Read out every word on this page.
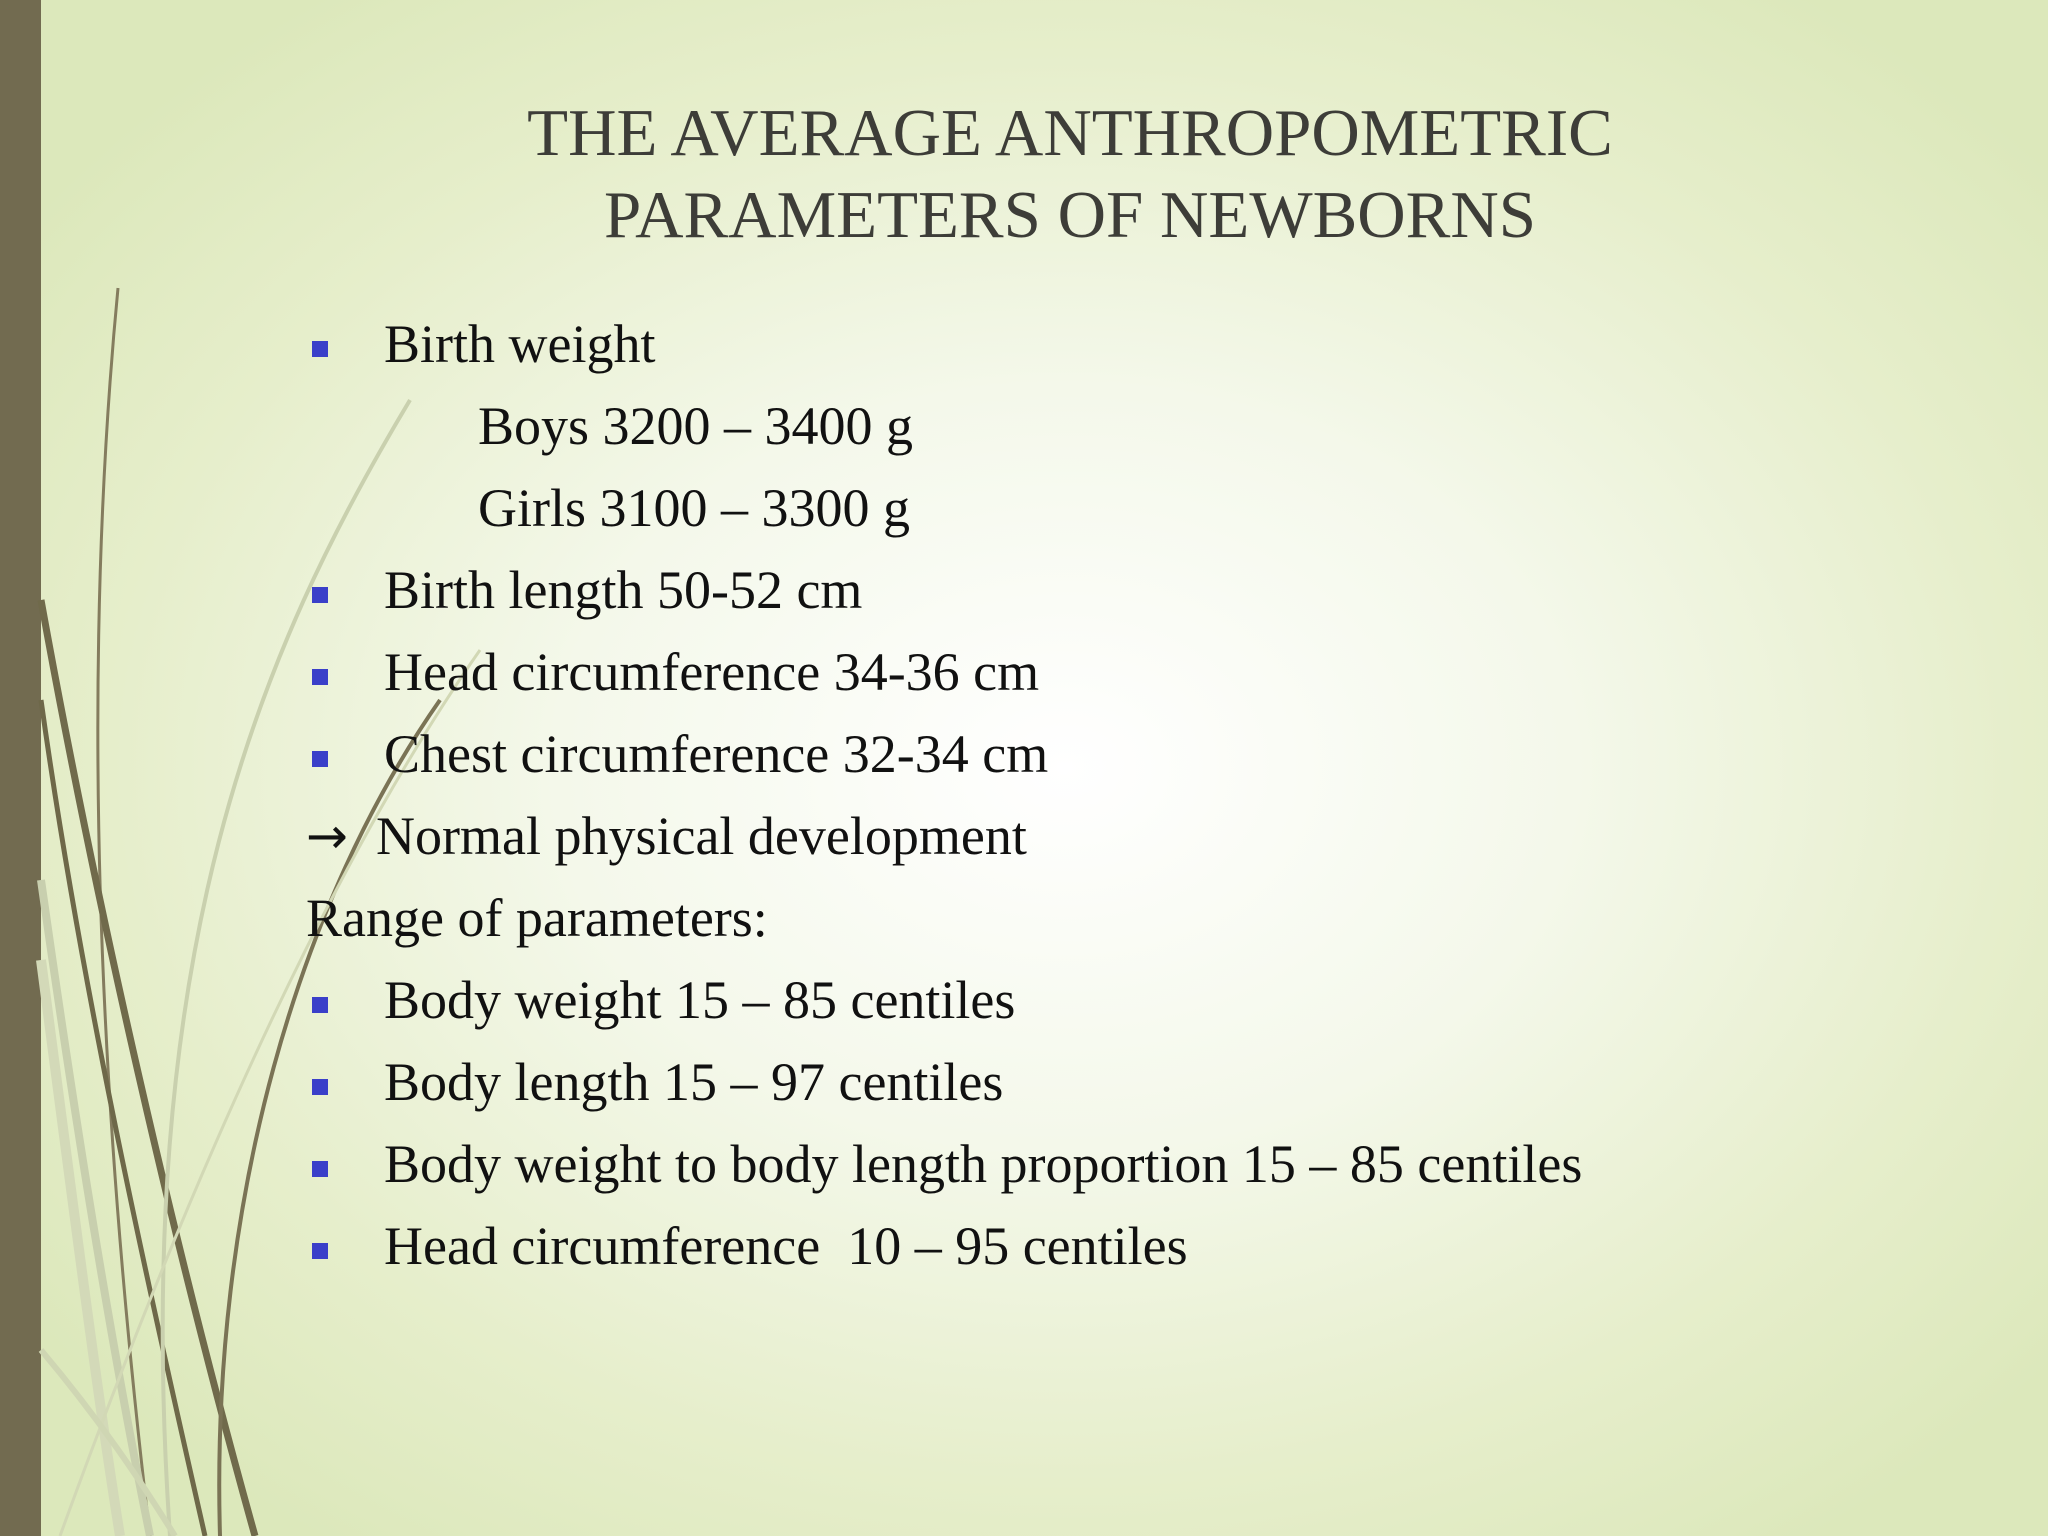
THE AVERAGE ANTHROPOMETRIC
PARAMETERS OF NEWBORNS
Birth weight
Boys 3200 – 3400 g
Girls 3100 – 3300 g
Birth length 50-52 cm
Head circumference 34-36 cm
Chest circumference 32-34 cm
→ Normal physical development
Range of parameters:
Body weight 15 – 85 centiles
Body length 15 – 97 centiles
Body weight to body length proportion 15 – 85 centiles
Head circumference  10 – 95 centiles
